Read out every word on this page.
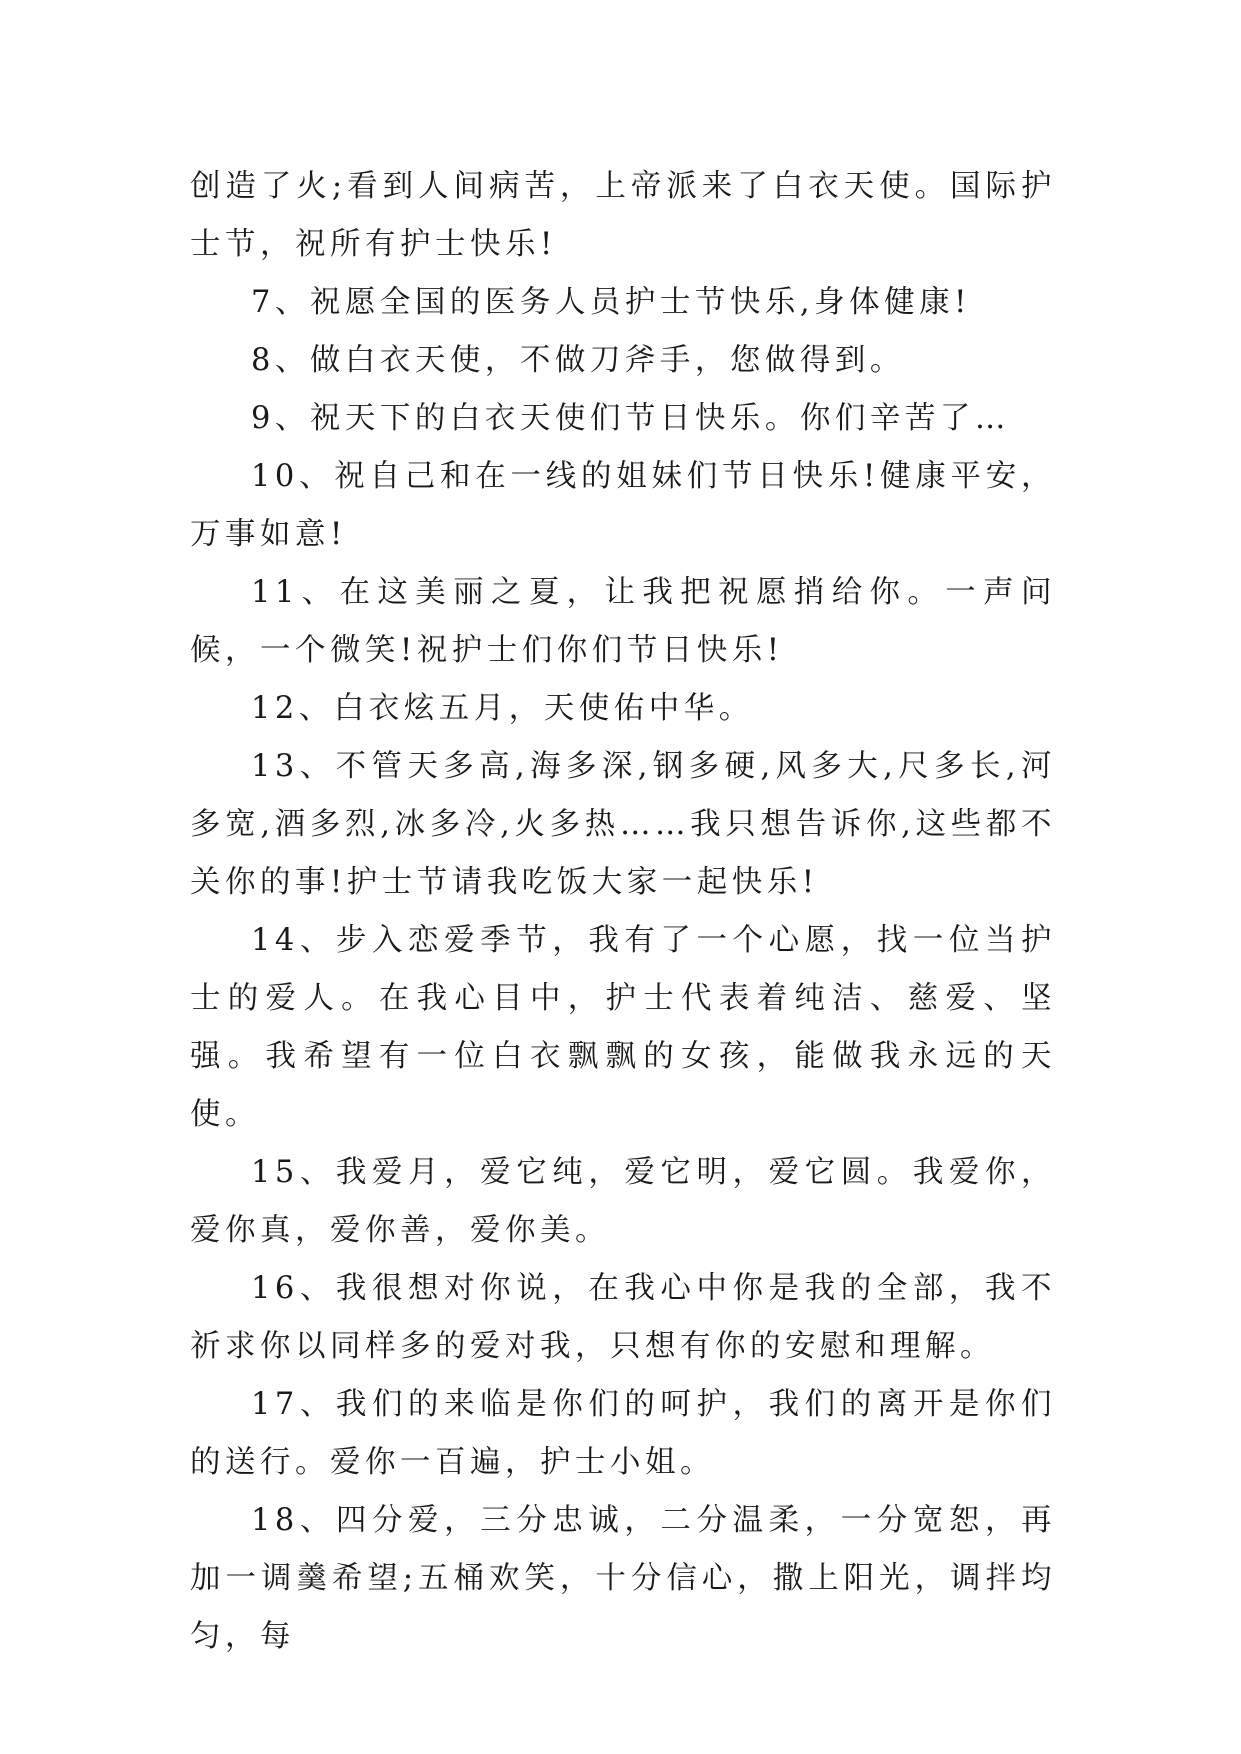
创造了火;看到人间病苦，上帝派来了白衣天使。国际护士节，祝所有护士快乐!

7、祝愿全国的医务人员护士节快乐,身体健康!

8、做白衣天使，不做刀斧手，您做得到。

9、祝天下的白衣天使们节日快乐。你们辛苦了…

10、祝自己和在一线的姐妹们节日快乐!健康平安，万事如意!

11、在这美丽之夏，让我把祝愿捎给你。一声问候，一个微笑!祝护士们你们节日快乐!

12、白衣炫五月，天使佑中华。

13、不管天多高,海多深,钢多硬,风多大,尺多长,河多宽,酒多烈,冰多冷,火多热……我只想告诉你,这些都不关你的事!护士节请我吃饭大家一起快乐!

14、步入恋爱季节，我有了一个心愿，找一位当护士的爱人。在我心目中，护士代表着纯洁、慈爱、坚强。我希望有一位白衣飘飘的女孩，能做我永远的天使。

15、我爱月，爱它纯，爱它明，爱它圆。我爱你，爱你真，爱你善，爱你美。

16、我很想对你说，在我心中你是我的全部，我不祈求你以同样多的爱对我，只想有你的安慰和理解。

17、我们的来临是你们的呵护，我们的离开是你们的送行。爱你一百遍，护士小姐。

18、四分爱，三分忠诚，二分温柔，一分宽恕，再加一调羹希望;五桶欢笑，十分信心，撒上阳光，调拌均匀，每
